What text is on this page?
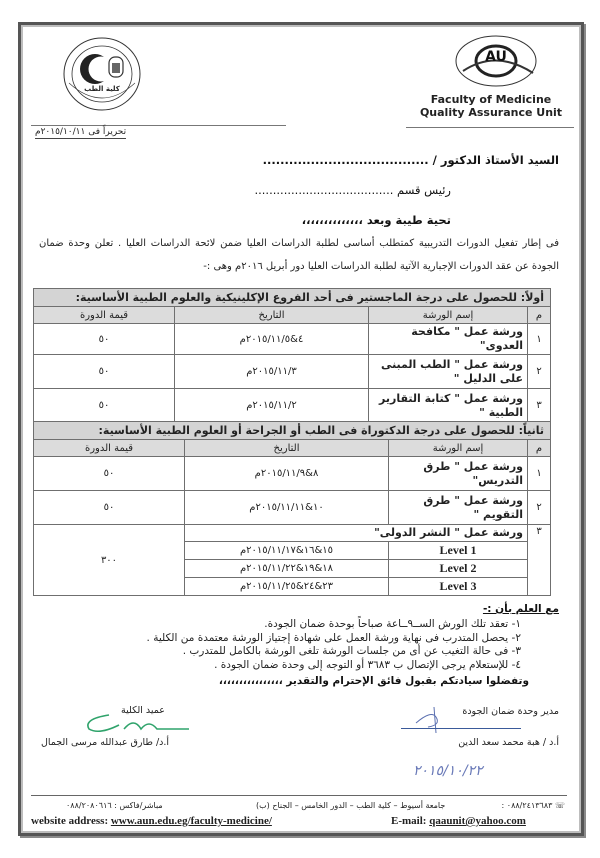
كلية الطب
تحريراً فى ٢٠١٥/١٠/١١م
AU
Faculty of Medicine
Quality Assurance Unit
السيد الأستاذ الدكتور / ......................................
رئيس قسم ......................................
تحية طيبة وبعد ،،،،،،،،،،،،،،
فى إطار تفعيل الدورات التدريبية كمتطلب أساسى لطلبة الدراسات العليا ضمن لائحة الدراسات العليا . تعلن وحدة ضمان الجودة عن عقد الدورات الإجبارية الآتية لطلبة الدراسات العليا دور أبريل ٢٠١٦م وهى :-
أولاً: للحصول على درجة الماجستير فى أحد الفروع الإكلينيكية والعلوم الطبية الأساسية:			
م	إسم الورشة	التاريخ	قيمة الدورة
١	ورشة عمل " مكافحة العدوى"	٤&٢٠١٥/١١/٥م	٥٠
٢	ورشة عمل " الطب المبنى على الدليل "	٢٠١٥/١١/٣م	٥٠
٣	ورشة عمل " كتابة التقارير الطبية "	٢٠١٥/١١/٢م	٥٠
ثانياً: للحصول على درجة الدكتوراة فى الطب أو الجراحة أو العلوم الطبية الأساسية:			
م	إسم الورشة	التاريخ	قيمة الدورة
١	ورشة عمل " طرق التدريس"	٨&٢٠١٥/١١/٩م	٥٠
٢	ورشة عمل " طرق التقويم "	١٠&٢٠١٥/١١/١١م	٥٠
٣	ورشة عمل " النشر الدولى"		٣٠٠
	Level 1	١٥&١٦&٢٠١٥/١١/١٧م	
	Level 2	١٨&١٩&٢٠١٥/١١/٢٢م	
	Level 3	٢٣&٢٤&٢٠١٥/١١/٢٥م	
مع العلم بأن :-
١- تعقد تلك الورش الســ٩ــاعة صباحاً بوحدة ضمان الجودة.
٢- يحصل المتدرب فى نهاية ورشة العمل على شهادة إجتياز الورشة معتمدة من الكلية .
٣- فى حالة التغيب عن أى من جلسات الورشة تلغى الورشة بالكامل للمتدرب .
٤- للإستعلام يرجى الإتصال ب ٣٦٨٣ أو التوجه إلى وحدة ضمان الجودة .
وتفضلوا سيادتكم بقبول فائق الإحترام والتقدير ،،،،،،،،،،،،،،،،
مدير وحدة ضمان الجودة
أ.د / هبة محمد سعد الدين
عميد الكلية
أ.د/ طارق عبدالله مرسى الجمال
٢٠١٥/١٠/٢٢
☏ ٠٨٨/٢٤١٣٦٨٣ :
جامعة أسيوط – كلية الطب – الدور الخامس – الجناح (ب)
مباشر/فاكس : ٠٨٨/٢٠٨٠٦١٦
website address: www.aun.edu.eg/faculty-medicine/	E-mail: qaaunit@yahoo.com
